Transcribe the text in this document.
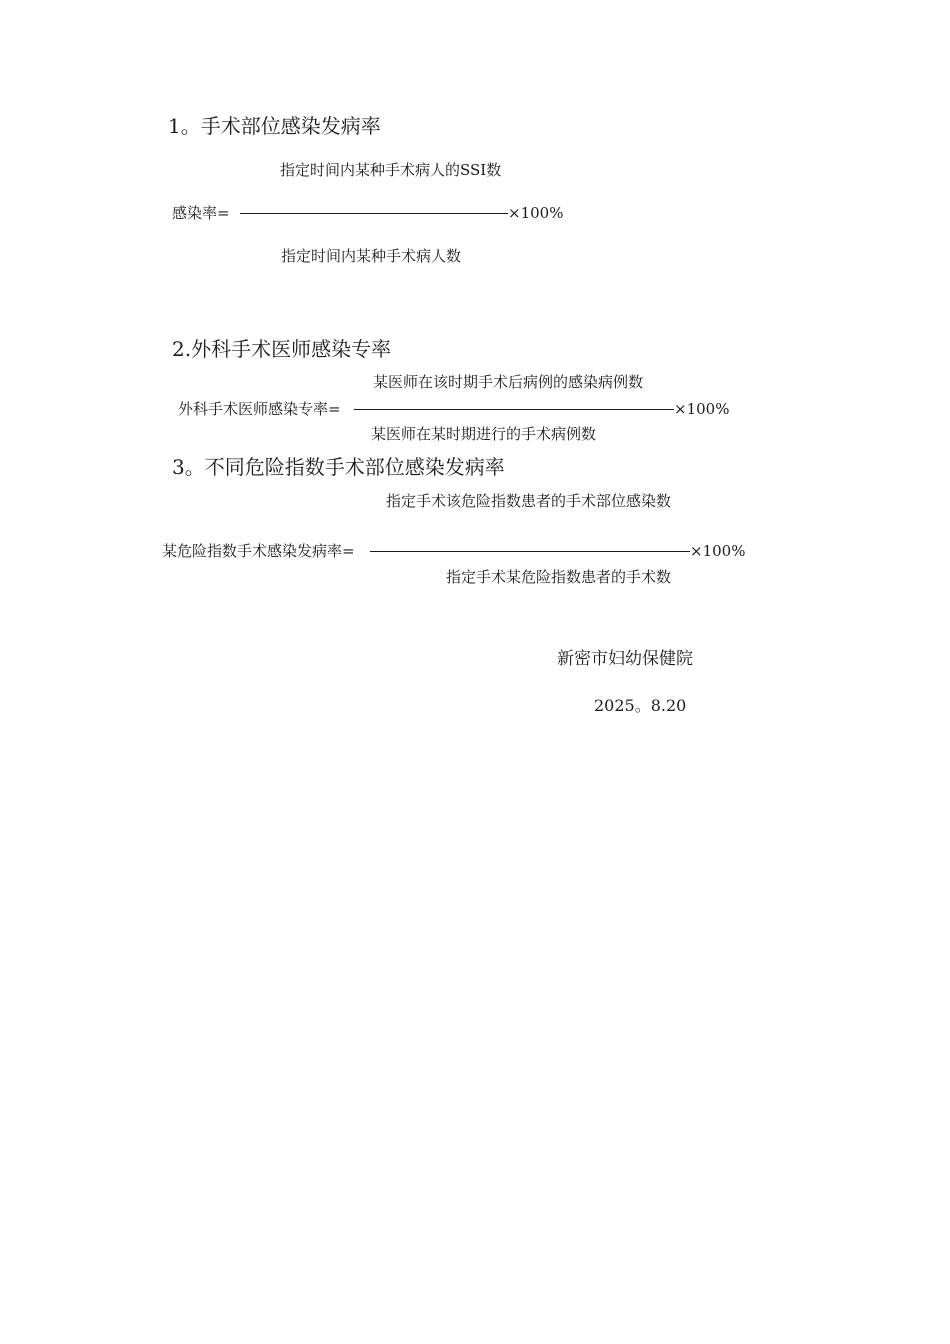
1。手术部位感染发病率
指定时间内某种手术病人的SSI数
感染率=	×100%
指定时间内某种手术病人数
2.外科手术医师感染专率
某医师在该时期手术后病例的感染病例数
外科手术医师感染专率=	×100%
某医师在某时期进行的手术病例数
3。不同危险指数手术部位感染发病率
指定手术该危险指数患者的手术部位感染数
某危险指数手术感染发病率=	×100%
指定手术某危险指数患者的手术数
新密市妇幼保健院
2025。8.20
